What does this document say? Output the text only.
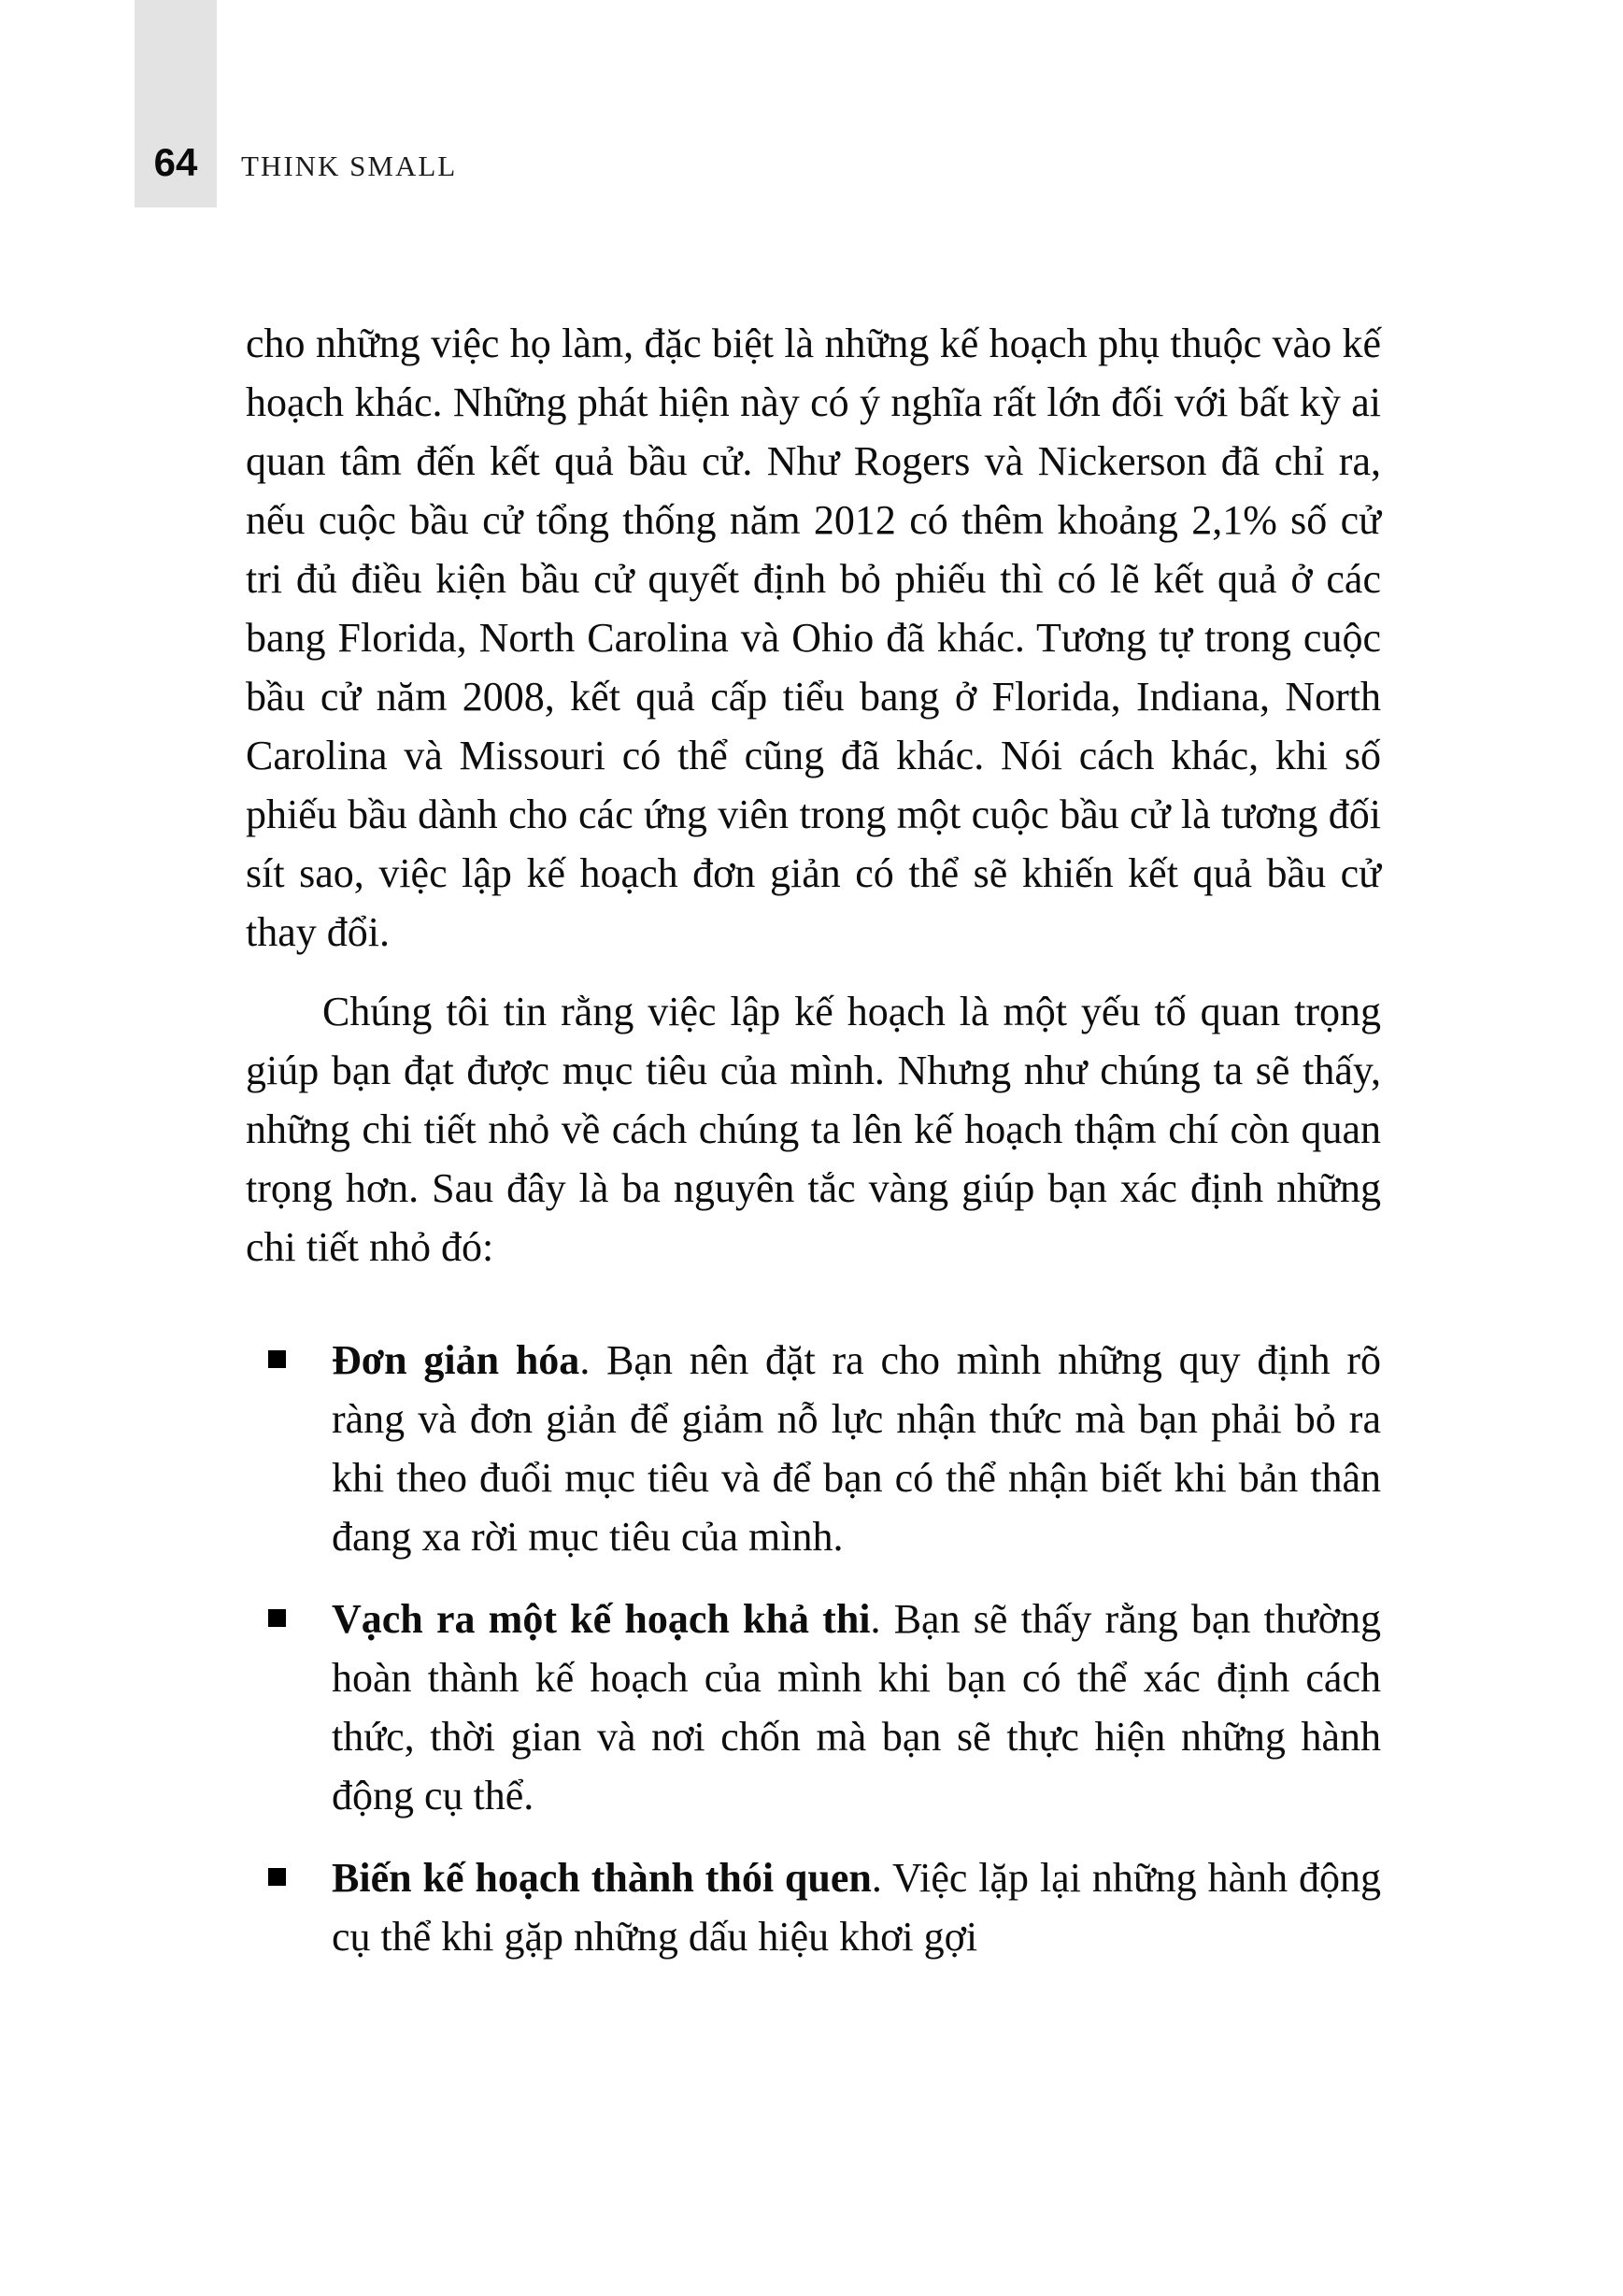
64	THINK SMALL

cho những việc họ làm, đặc biệt là những kế hoạch phụ thuộc vào kế hoạch khác. Những phát hiện này có ý nghĩa rất lớn đối với bất kỳ ai quan tâm đến kết quả bầu cử. Như Rogers và Nickerson đã chỉ ra, nếu cuộc bầu cử tổng thống năm 2012 có thêm khoảng 2,1% số cử tri đủ điều kiện bầu cử quyết định bỏ phiếu thì có lẽ kết quả ở các bang Florida, North Carolina và Ohio đã khác. Tương tự trong cuộc bầu cử năm 2008, kết quả cấp tiểu bang ở Florida, Indiana, North Carolina và Missouri có thể cũng đã khác. Nói cách khác, khi số phiếu bầu dành cho các ứng viên trong một cuộc bầu cử là tương đối sít sao, việc lập kế hoạch đơn giản có thể sẽ khiến kết quả bầu cử thay đổi.

Chúng tôi tin rằng việc lập kế hoạch là một yếu tố quan trọng giúp bạn đạt được mục tiêu của mình. Nhưng như chúng ta sẽ thấy, những chi tiết nhỏ về cách chúng ta lên kế hoạch thậm chí còn quan trọng hơn. Sau đây là ba nguyên tắc vàng giúp bạn xác định những chi tiết nhỏ đó:

Đơn giản hóa. Bạn nên đặt ra cho mình những quy định rõ ràng và đơn giản để giảm nỗ lực nhận thức mà bạn phải bỏ ra khi theo đuổi mục tiêu và để bạn có thể nhận biết khi bản thân đang xa rời mục tiêu của mình.
Vạch ra một kế hoạch khả thi. Bạn sẽ thấy rằng bạn thường hoàn thành kế hoạch của mình khi bạn có thể xác định cách thức, thời gian và nơi chốn mà bạn sẽ thực hiện những hành động cụ thể.
Biến kế hoạch thành thói quen. Việc lặp lại những hành động cụ thể khi gặp những dấu hiệu khơi gợi
